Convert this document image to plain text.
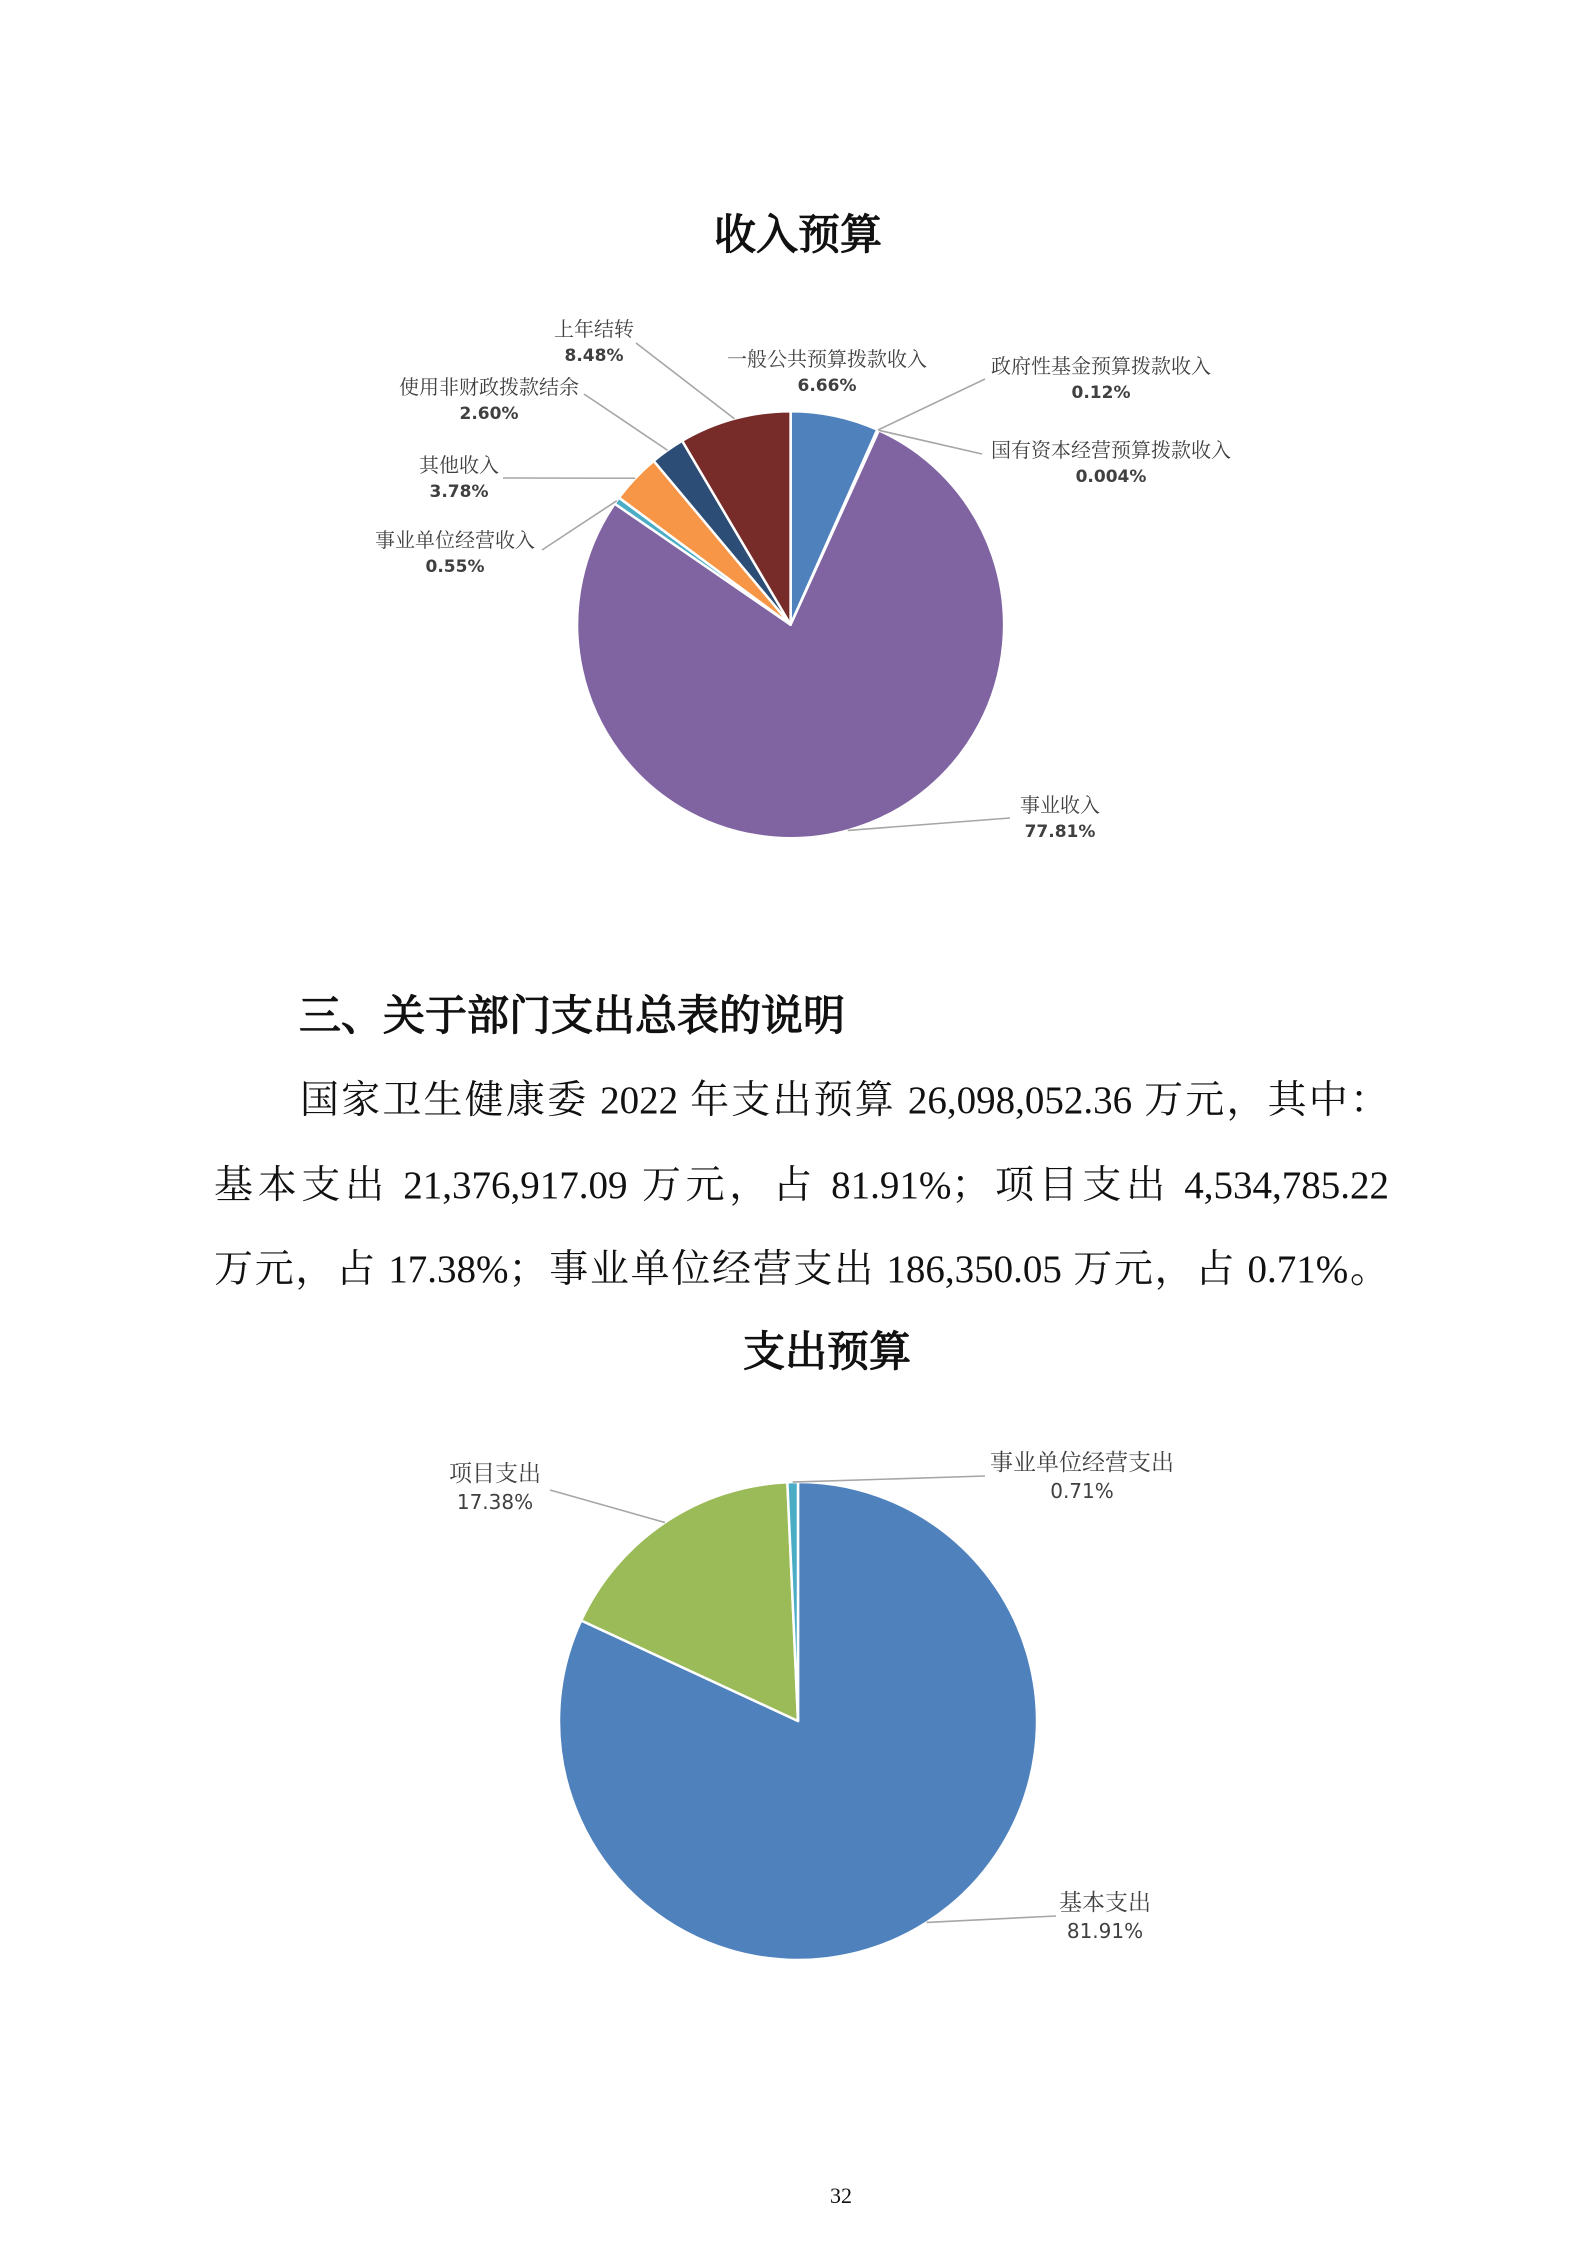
收入预算
一般公共预算拨款收入
6.66%
政府性基金预算拨款收入
0.12%
国有资本经营预算拨款收入
0.004%
事业收入
77.81%
事业单位经营收入
0.55%
其他收入
3.78%
使用非财政拨款结余
2.60%
上年结转
8.48%
三、关于部门支出总表的说明
国家卫生健康委 2022 年支出预算 26,098,052.36 万元，其中：
基本支出 21,376,917.09 万元，占 81.91%；项目支出 4,534,785.22
万元，占 17.38%；事业单位经营支出 186,350.05 万元，占 0.71%。
支出预算
基本支出
81.91%
项目支出
17.38%
事业单位经营支出
0.71%
32
